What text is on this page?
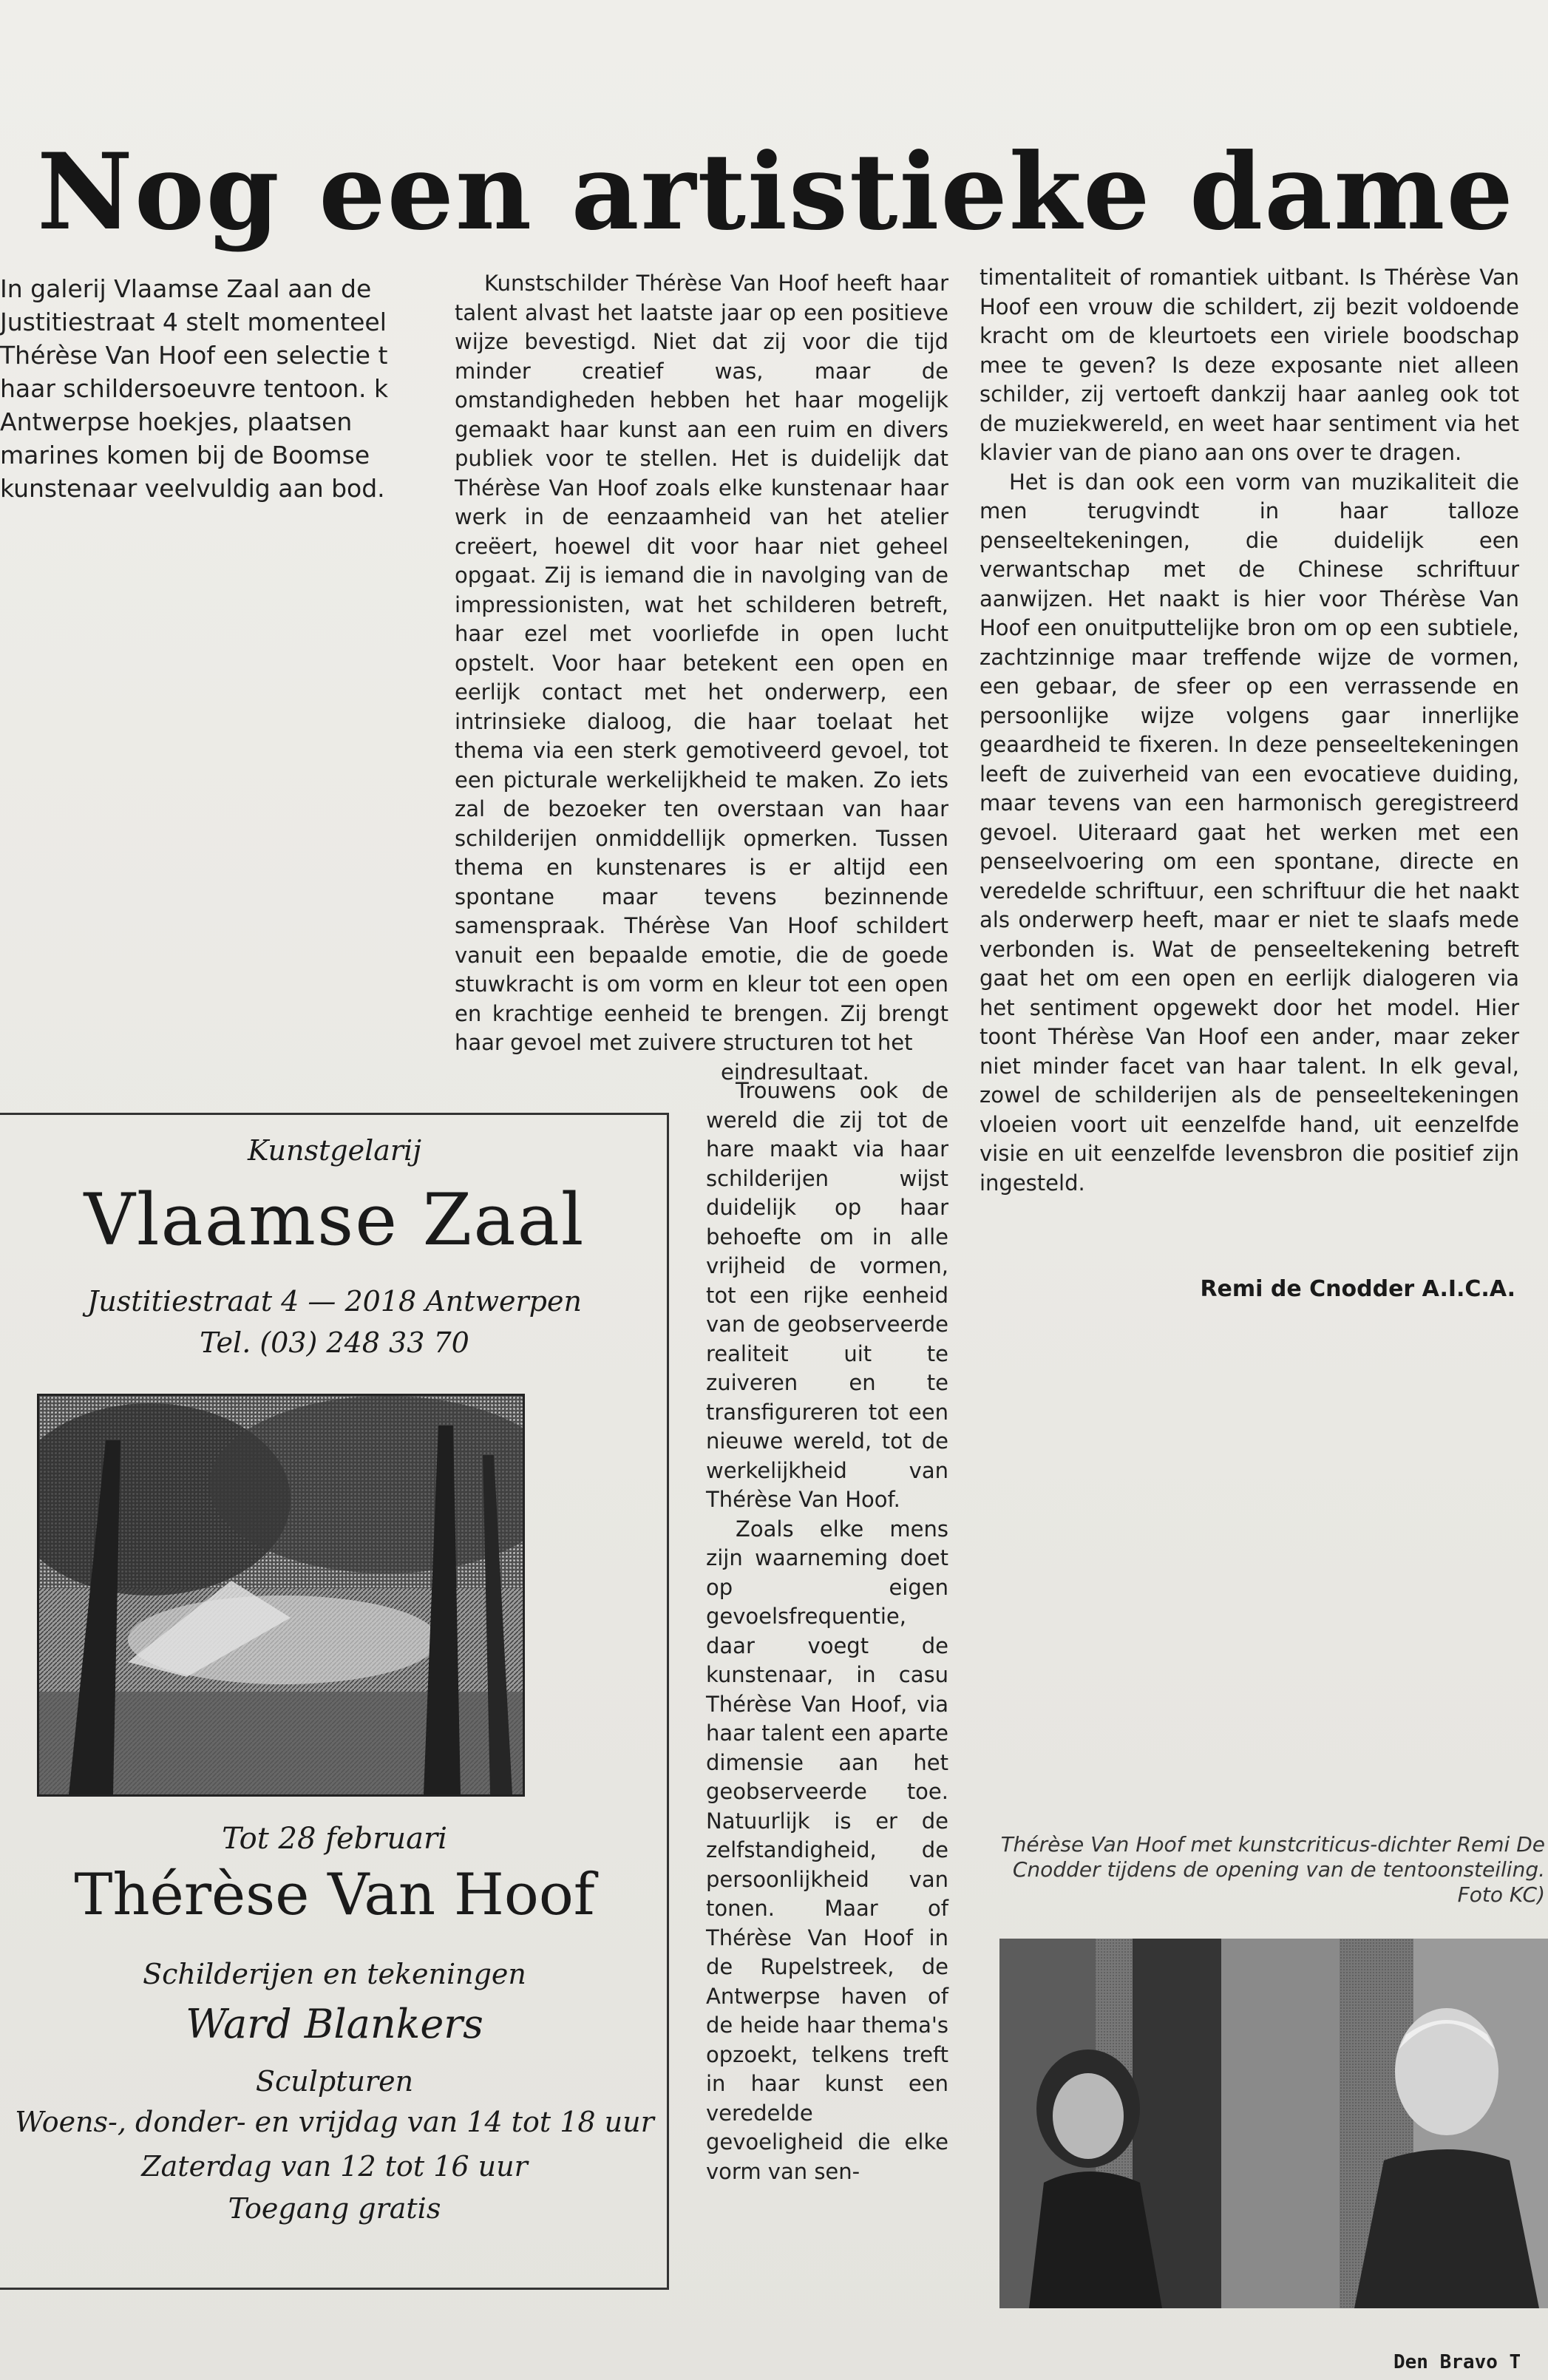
Nog een artistieke dame

In galerij Vlaamse Zaal aan de Justitiestraat 4 stelt momenteel Thérèse Van Hoof een selectie t haar schildersoeuvre tentoon. k Antwerpse hoekjes, plaatsen marines komen bij de Boomse kunstenaar veelvuldig aan bod.

Kunstschilder Thérèse Van Hoof heeft haar talent alvast het laatste jaar op een positieve wijze bevestigd. Niet dat zij voor die tijd minder creatief was, maar de omstandigheden hebben het haar mogelijk gemaakt haar kunst aan een ruim en divers publiek voor te stellen. Het is duidelijk dat Thérèse Van Hoof zoals elke kunstenaar haar werk in de eenzaamheid van het atelier creëert, hoewel dit voor haar niet geheel opgaat. Zij is iemand die in navolging van de impressionisten, wat het schilderen betreft, haar ezel met voorliefde in open lucht opstelt. Voor haar betekent een open en eerlijk contact met het onderwerp, een intrinsieke dialoog, die haar toelaat het thema via een sterk gemotiveerd gevoel, tot een picturale werkelijkheid te maken. Zo iets zal de bezoeker ten overstaan van haar schilderijen onmiddellijk opmerken. Tussen thema en kunstenares is er altijd een spontane maar tevens bezinnende samenspraak. Thérèse Van Hoof schildert vanuit een bepaalde emotie, die de goede stuwkracht is om vorm en kleur tot een open en krachtige eenheid te brengen. Zij brengt haar gevoel met zuivere structuren tot het

eindresultaat.

Trouwens ook de wereld die zij tot de hare maakt via haar schilderijen wijst duidelijk op haar behoefte om in alle vrijheid de vormen, tot een rijke eenheid van de geobserveerde realiteit uit te zuiveren en te transfigureren tot een nieuwe wereld, tot de werkelijkheid van Thérèse Van Hoof.

Zoals elke mens zijn waarneming doet op eigen gevoelsfrequentie, daar voegt de kunstenaar, in casu Thérèse Van Hoof, via haar talent een aparte dimensie aan het geobserveerde toe. Natuurlijk is er de zelfstandigheid, de persoonlijkheid van tonen. Maar of Thérèse Van Hoof in de Rupelstreek, de Antwerpse haven of de heide haar thema's opzoekt, telkens treft in haar kunst een veredelde gevoeligheid die elke vorm van sen-

timentaliteit of romantiek uitbant. Is Thérèse Van Hoof een vrouw die schildert, zij bezit voldoende kracht om de kleurtoets een viriele boodschap mee te geven? Is deze exposante niet alleen schilder, zij vertoeft dankzij haar aanleg ook tot de muziekwereld, en weet haar sentiment via het klavier van de piano aan ons over te dragen.

Het is dan ook een vorm van muzikaliteit die men terugvindt in haar talloze penseeltekeningen, die duidelijk een verwantschap met de Chinese schriftuur aanwijzen. Het naakt is hier voor Thérèse Van Hoof een onuitputtelijke bron om op een subtiele, zachtzinnige maar treffende wijze de vormen, een gebaar, de sfeer op een verrassende en persoonlijke wijze volgens gaar innerlijke geaardheid te fixeren. In deze penseeltekeningen leeft de zuiverheid van een evocatieve duiding, maar tevens van een harmonisch geregistreerd gevoel. Uiteraard gaat het werken met een penseelvoering om een spontane, directe en veredelde schriftuur, een schriftuur die het naakt als onderwerp heeft, maar er niet te slaafs mede verbonden is. Wat de penseeltekening betreft gaat het om een open en eerlijk dialogeren via het sentiment opgewekt door het model. Hier toont Thérèse Van Hoof een ander, maar zeker niet minder facet van haar talent. In elk geval, zowel de schilderijen als de penseeltekeningen vloeien voort uit eenzelfde hand, uit eenzelfde visie en uit eenzelfde levensbron die positief zijn ingesteld.

Remi de Cnodder A.I.C.A.
Kunstgelarij
Vlaamse Zaal
Justitiestraat 4 — 2018 Antwerpen
Tel. (03) 248 33 70
Tot 28 februari
Thérèse Van Hoof
Schilderijen en tekeningen
Ward Blankers
Sculpturen
Woens-, donder- en vrijdag van 14 tot 18 uur
Zaterdag van 12 tot 16 uur
Toegang gratis
Thérèse Van Hoof met kunstcriticus-dichter Remi De Cnodder tijdens de opening van de tentoonsteiling. Foto KC)
Den Bravo T
